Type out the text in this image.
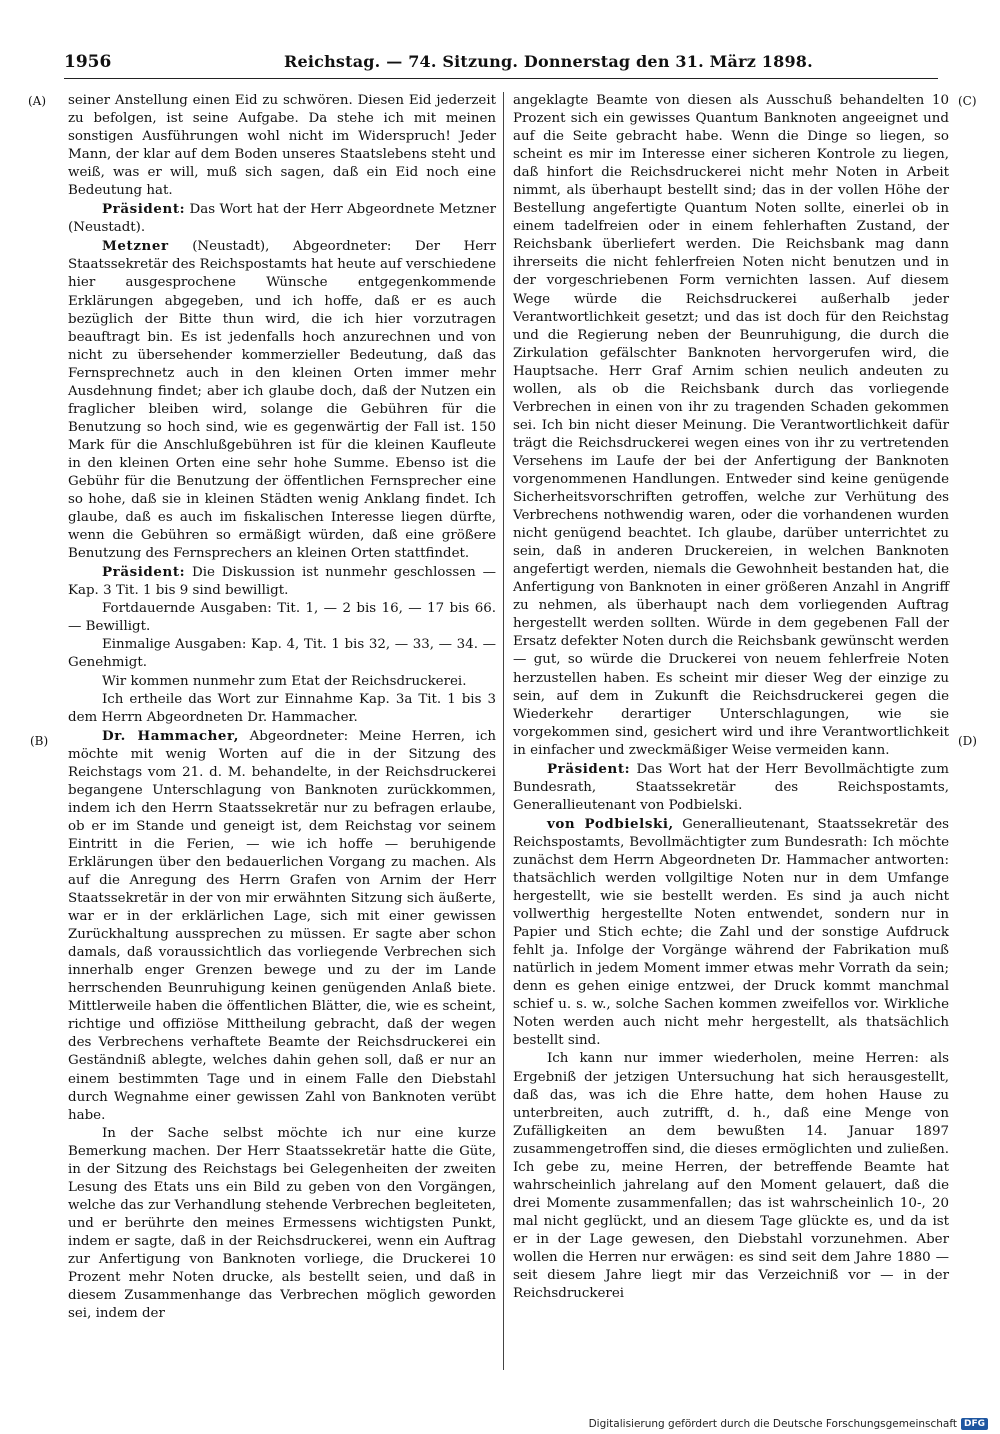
1956	Reichstag. — 74. Sitzung. Donnerstag den 31. März 1898.
(A)
(B)
(C)
(D)

seiner Anstellung einen Eid zu schwören. Diesen Eid jederzeit zu befolgen, ist seine Aufgabe. Da stehe ich mit meinen sonstigen Ausführungen wohl nicht im Widerspruch! Jeder Mann, der klar auf dem Boden unseres Staatslebens steht und weiß, was er will, muß sich sagen, daß ein Eid noch eine Bedeutung hat.

Präsident: Das Wort hat der Herr Abgeordnete Metzner (Neustadt).

Metzner (Neustadt), Abgeordneter: Der Herr Staatssekretär des Reichspostamts hat heute auf verschiedene hier ausgesprochene Wünsche entgegenkommende Erklärungen abgegeben, und ich hoffe, daß er es auch bezüglich der Bitte thun wird, die ich hier vorzutragen beauftragt bin. Es ist jedenfalls hoch anzurechnen und von nicht zu übersehender kommerzieller Bedeutung, daß das Fernsprechnetz auch in den kleinen Orten immer mehr Ausdehnung findet; aber ich glaube doch, daß der Nutzen ein fraglicher bleiben wird, solange die Gebühren für die Benutzung so hoch sind, wie es gegenwärtig der Fall ist. 150 Mark für die Anschlußgebühren ist für die kleinen Kaufleute in den kleinen Orten eine sehr hohe Summe. Ebenso ist die Gebühr für die Benutzung der öffentlichen Fernsprecher eine so hohe, daß sie in kleinen Städten wenig Anklang findet. Ich glaube, daß es auch im fiskalischen Interesse liegen dürfte, wenn die Gebühren so ermäßigt würden, daß eine größere Benutzung des Fernsprechers an kleinen Orten stattfindet.

Präsident: Die Diskussion ist nunmehr geschlossen — Kap. 3 Tit. 1 bis 9 sind bewilligt.

Fortdauernde Ausgaben: Tit. 1, — 2 bis 16, — 17 bis 66. — Bewilligt.

Einmalige Ausgaben: Kap. 4, Tit. 1 bis 32, — 33, — 34. — Genehmigt.

Wir kommen nunmehr zum Etat der Reichsdruckerei.

Ich ertheile das Wort zur Einnahme Kap. 3a Tit. 1 bis 3 dem Herrn Abgeordneten Dr. Hammacher.

Dr. Hammacher, Abgeordneter: Meine Herren, ich möchte mit wenig Worten auf die in der Sitzung des Reichstags vom 21. d. M. behandelte, in der Reichsdruckerei begangene Unterschlagung von Banknoten zurückkommen, indem ich den Herrn Staatssekretär nur zu befragen erlaube, ob er im Stande und geneigt ist, dem Reichstag vor seinem Eintritt in die Ferien, — wie ich hoffe — beruhigende Erklärungen über den bedauerlichen Vorgang zu machen. Als auf die Anregung des Herrn Grafen von Arnim der Herr Staatssekretär in der von mir erwähnten Sitzung sich äußerte, war er in der erklärlichen Lage, sich mit einer gewissen Zurückhaltung aussprechen zu müssen. Er sagte aber schon damals, daß voraussichtlich das vorliegende Verbrechen sich innerhalb enger Grenzen bewege und zu der im Lande herrschenden Beunruhigung keinen genügenden Anlaß biete. Mittlerweile haben die öffentlichen Blätter, die, wie es scheint, richtige und offiziöse Mittheilung gebracht, daß der wegen des Verbrechens verhaftete Beamte der Reichsdruckerei ein Geständniß ablegte, welches dahin gehen soll, daß er nur an einem bestimmten Tage und in einem Falle den Diebstahl durch Wegnahme einer gewissen Zahl von Banknoten verübt habe.

In der Sache selbst möchte ich nur eine kurze Bemerkung machen. Der Herr Staatssekretär hatte die Güte, in der Sitzung des Reichstags bei Gelegenheiten der zweiten Lesung des Etats uns ein Bild zu geben von den Vorgängen, welche das zur Verhandlung stehende Verbrechen begleiteten, und er berührte den meines Ermessens wichtigsten Punkt, indem er sagte, daß in der Reichsdruckerei, wenn ein Auftrag zur Anfertigung von Banknoten vorliege, die Druckerei 10 Prozent mehr Noten drucke, als bestellt seien, und daß in diesem Zusammenhange das Verbrechen möglich geworden sei, indem der

angeklagte Beamte von diesen als Ausschuß behandelten 10 Prozent sich ein gewisses Quantum Banknoten angeeignet und auf die Seite gebracht habe. Wenn die Dinge so liegen, so scheint es mir im Interesse einer sicheren Kontrole zu liegen, daß hinfort die Reichsdruckerei nicht mehr Noten in Arbeit nimmt, als überhaupt bestellt sind; das in der vollen Höhe der Bestellung angefertigte Quantum Noten sollte, einerlei ob in einem tadelfreien oder in einem fehlerhaften Zustand, der Reichsbank überliefert werden. Die Reichsbank mag dann ihrerseits die nicht fehlerfreien Noten nicht benutzen und in der vorgeschriebenen Form vernichten lassen. Auf diesem Wege würde die Reichsdruckerei außerhalb jeder Verantwortlichkeit gesetzt; und das ist doch für den Reichstag und die Regierung neben der Beunruhigung, die durch die Zirkulation gefälschter Banknoten hervorgerufen wird, die Hauptsache. Herr Graf Arnim schien neulich andeuten zu wollen, als ob die Reichsbank durch das vorliegende Verbrechen in einen von ihr zu tragenden Schaden gekommen sei. Ich bin nicht dieser Meinung. Die Verantwortlichkeit dafür trägt die Reichsdruckerei wegen eines von ihr zu vertretenden Versehens im Laufe der bei der Anfertigung der Banknoten vorgenommenen Handlungen. Entweder sind keine genügende Sicherheitsvorschriften getroffen, welche zur Verhütung des Verbrechens nothwendig waren, oder die vorhandenen wurden nicht genügend beachtet. Ich glaube, darüber unterrichtet zu sein, daß in anderen Druckereien, in welchen Banknoten angefertigt werden, niemals die Gewohnheit bestanden hat, die Anfertigung von Banknoten in einer größeren Anzahl in Angriff zu nehmen, als überhaupt nach dem vorliegenden Auftrag hergestellt werden sollten. Würde in dem gegebenen Fall der Ersatz defekter Noten durch die Reichsbank gewünscht werden — gut, so würde die Druckerei von neuem fehlerfreie Noten herzustellen haben. Es scheint mir dieser Weg der einzige zu sein, auf dem in Zukunft die Reichsdruckerei gegen die Wiederkehr derartiger Unterschlagungen, wie sie vorgekommen sind, gesichert wird und ihre Verantwortlichkeit in einfacher und zweckmäßiger Weise vermeiden kann.

Präsident: Das Wort hat der Herr Bevollmächtigte zum Bundesrath, Staatssekretär des Reichspostamts, Generallieutenant von Podbielski.

von Podbielski, Generallieutenant, Staatssekretär des Reichspostamts, Bevollmächtigter zum Bundesrath: Ich möchte zunächst dem Herrn Abgeordneten Dr. Hammacher antworten: thatsächlich werden vollgiltige Noten nur in dem Umfange hergestellt, wie sie bestellt werden. Es sind ja auch nicht vollwerthig hergestellte Noten entwendet, sondern nur in Papier und Stich echte; die Zahl und der sonstige Aufdruck fehlt ja. Infolge der Vorgänge während der Fabrikation muß natürlich in jedem Moment immer etwas mehr Vorrath da sein; denn es gehen einige entzwei, der Druck kommt manchmal schief u. s. w., solche Sachen kommen zweifellos vor. Wirkliche Noten werden auch nicht mehr hergestellt, als thatsächlich bestellt sind.

Ich kann nur immer wiederholen, meine Herren: als Ergebniß der jetzigen Untersuchung hat sich herausgestellt, daß das, was ich die Ehre hatte, dem hohen Hause zu unterbreiten, auch zutrifft, d. h., daß eine Menge von Zufälligkeiten an dem bewußten 14. Januar 1897 zusammengetroffen sind, die dieses ermöglichten und zuließen. Ich gebe zu, meine Herren, der betreffende Beamte hat wahrscheinlich jahrelang auf den Moment gelauert, daß die drei Momente zusammenfallen; das ist wahrscheinlich 10-, 20 mal nicht geglückt, und an diesem Tage glückte es, und da ist er in der Lage gewesen, den Diebstahl vorzunehmen. Aber wollen die Herren nur erwägen: es sind seit dem Jahre 1880 — seit diesem Jahre liegt mir das Verzeichniß vor — in der Reichsdruckerei

Digitalisierung gefördert durch die Deutsche Forschungsgemeinschaft DFG
